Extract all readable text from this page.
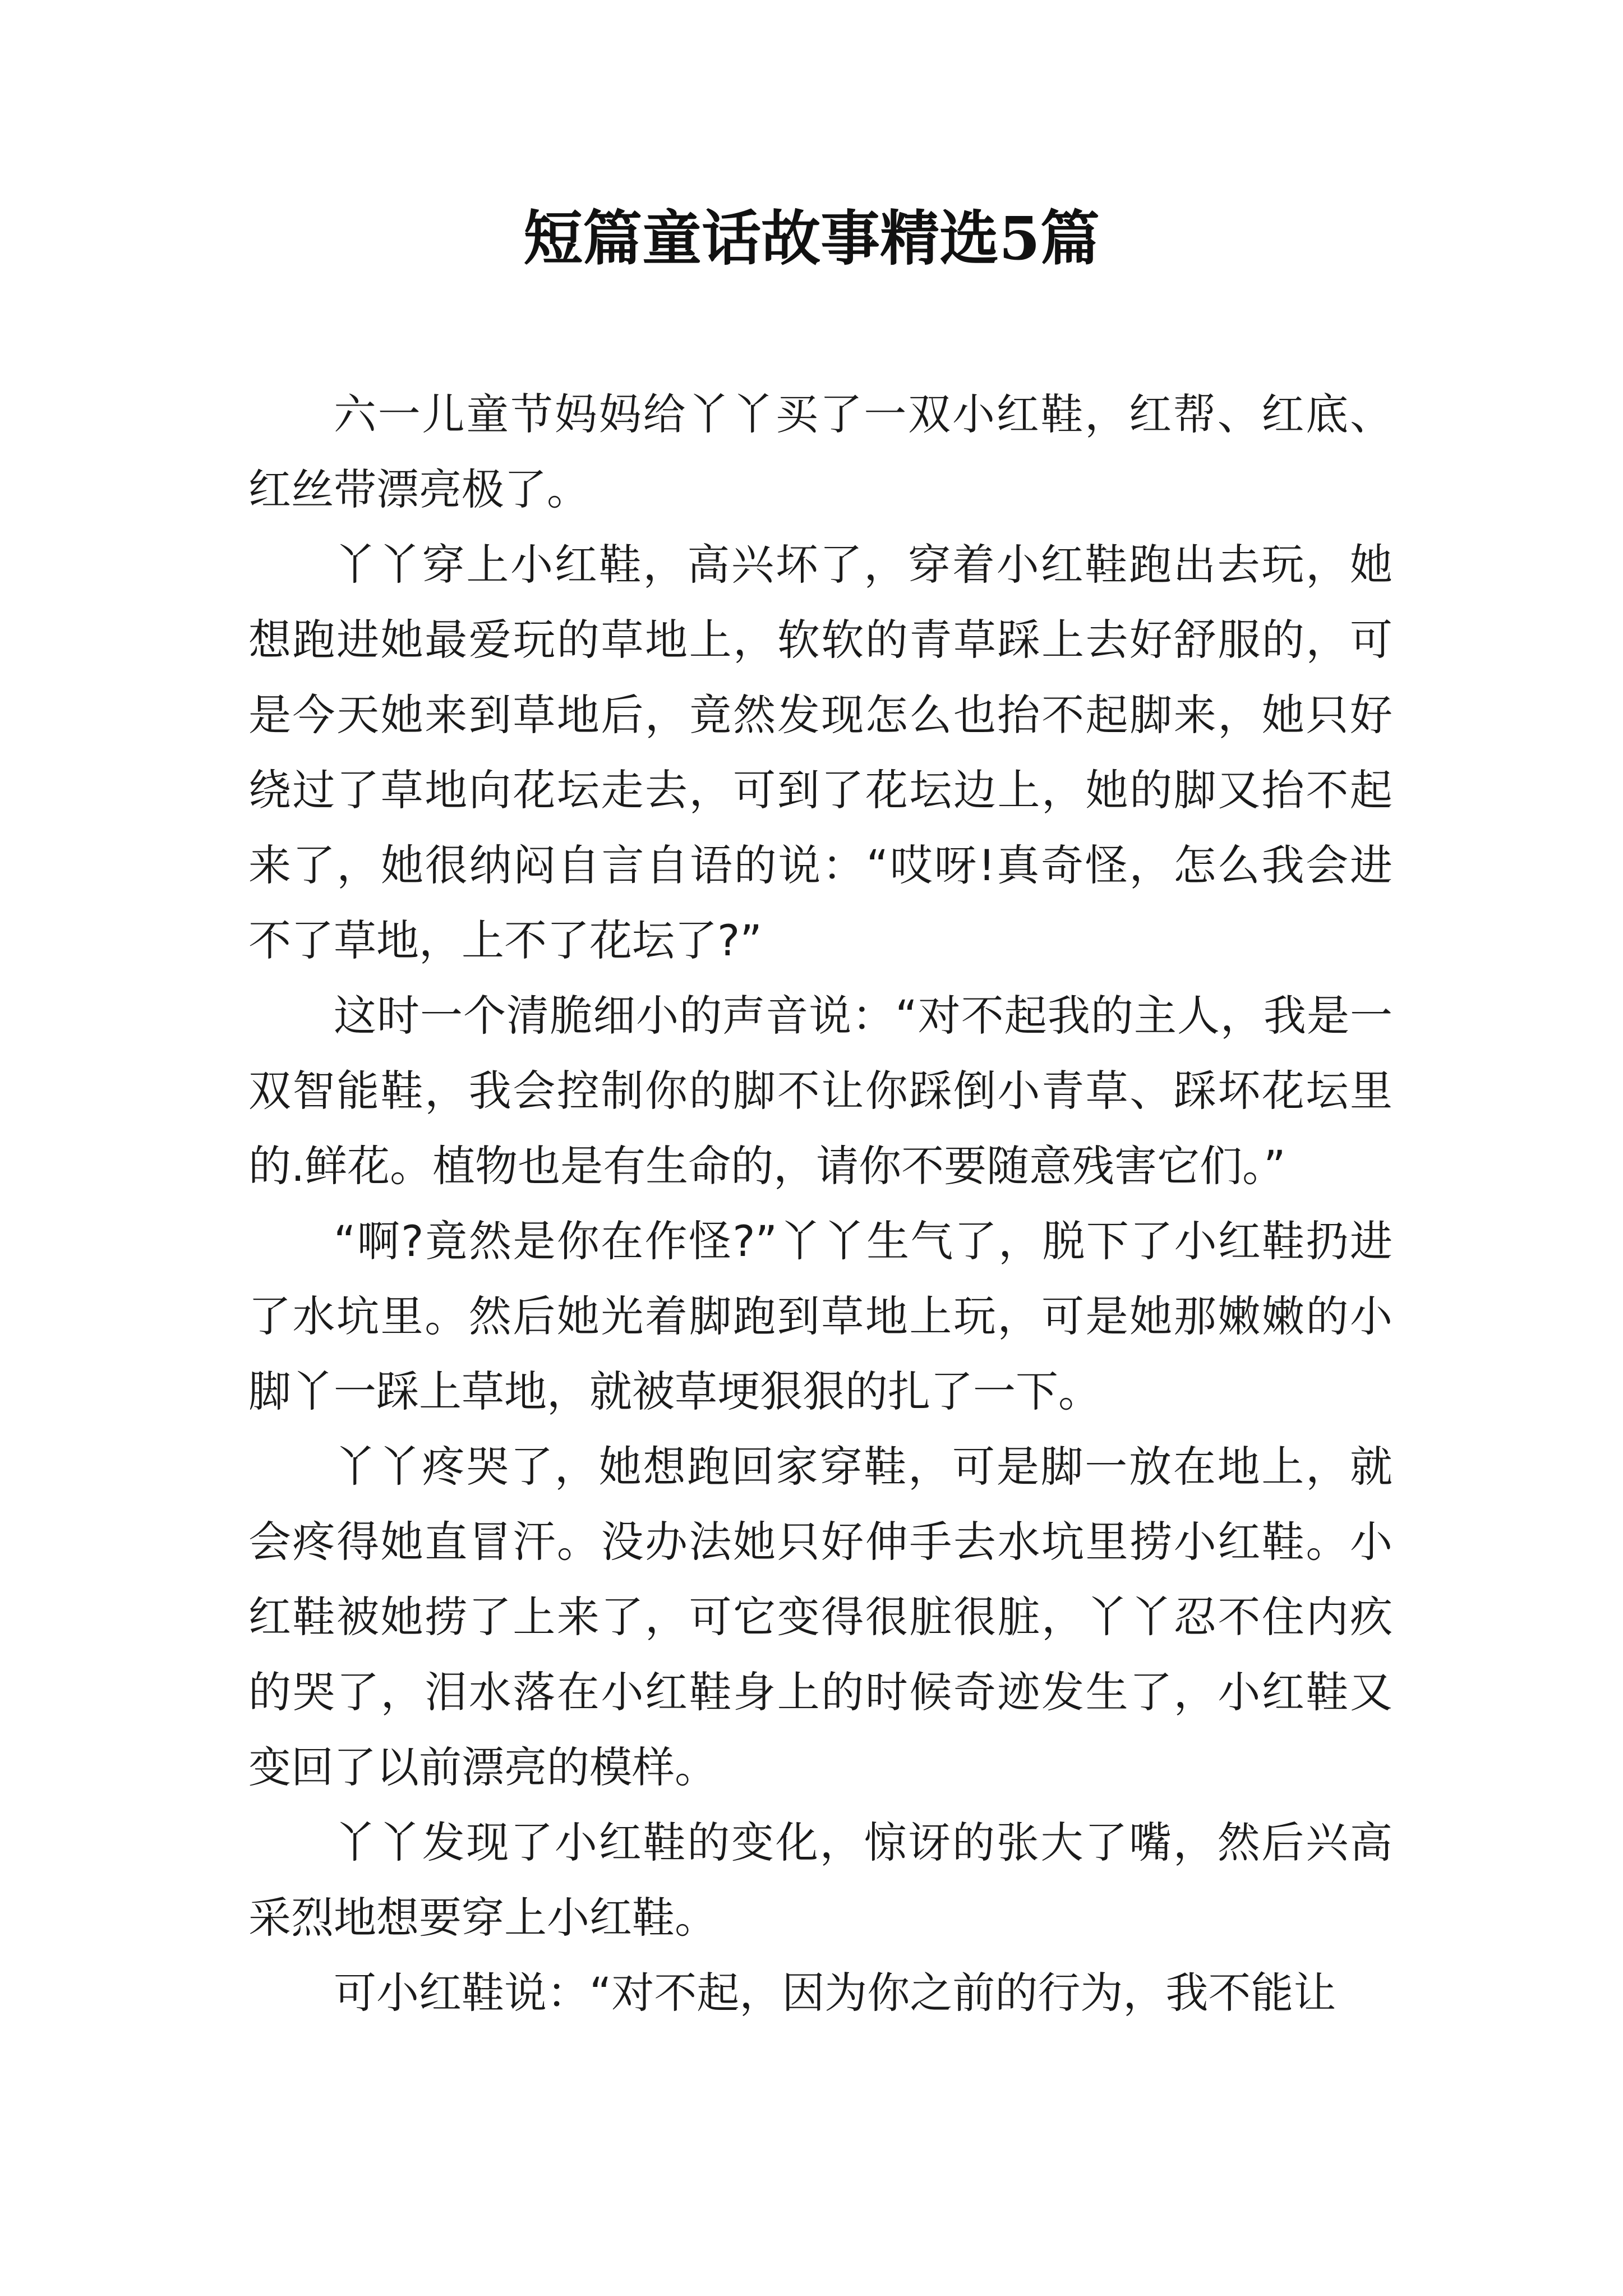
短篇童话故事精选5篇

六一儿童节妈妈给丫丫买了一双小红鞋，红帮、红底、红丝带漂亮极了。

丫丫穿上小红鞋，高兴坏了，穿着小红鞋跑出去玩，她想跑进她最爱玩的草地上，软软的青草踩上去好舒服的，可是今天她来到草地后，竟然发现怎么也抬不起脚来，她只好绕过了草地向花坛走去，可到了花坛边上，她的脚又抬不起来了，她很纳闷自言自语的说：“哎呀!真奇怪，怎么我会进不了草地，上不了花坛了?”

这时一个清脆细小的声音说：“对不起我的主人，我是一双智能鞋，我会控制你的脚不让你踩倒小青草、踩坏花坛里的.鲜花。植物也是有生命的，请你不要随意残害它们。”

“啊?竟然是你在作怪?”丫丫生气了，脱下了小红鞋扔进了水坑里。然后她光着脚跑到草地上玩，可是她那嫩嫩的小脚丫一踩上草地，就被草埂狠狠的扎了一下。

丫丫疼哭了，她想跑回家穿鞋，可是脚一放在地上，就会疼得她直冒汗。没办法她只好伸手去水坑里捞小红鞋。小红鞋被她捞了上来了，可它变得很脏很脏，丫丫忍不住内疚的哭了，泪水落在小红鞋身上的时候奇迹发生了，小红鞋又变回了以前漂亮的模样。

丫丫发现了小红鞋的变化，惊讶的张大了嘴，然后兴高采烈地想要穿上小红鞋。

可小红鞋说：“对不起，因为你之前的行为，我不能让
